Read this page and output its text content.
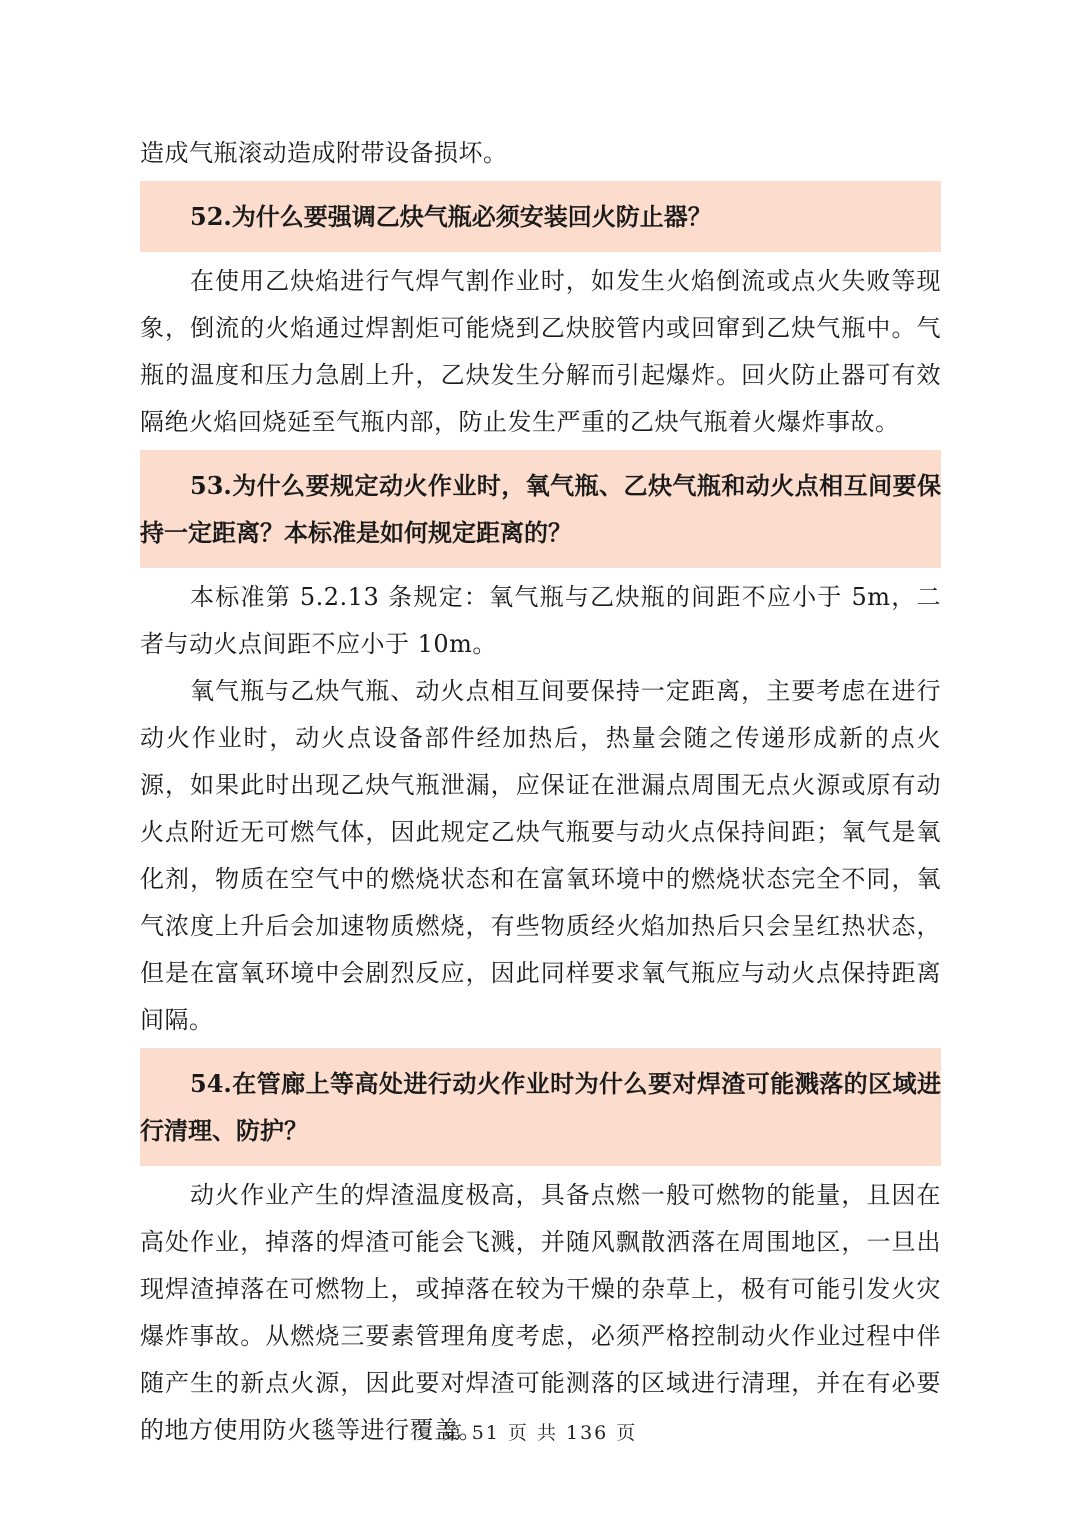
造成气瓶滚动造成附带设备损坏。

52.为什么要强调乙炔气瓶必须安装回火防止器？

在使用乙炔焰进行气焊气割作业时，如发生火焰倒流或点火失败等现象，倒流的火焰通过焊割炬可能烧到乙炔胶管内或回窜到乙炔气瓶中。气瓶的温度和压力急剧上升，乙炔发生分解而引起爆炸。回火防止器可有效隔绝火焰回烧延至气瓶内部，防止发生严重的乙炔气瓶着火爆炸事故。

53.为什么要规定动火作业时，氧气瓶、乙炔气瓶和动火点相互间要保持一定距离？本标准是如何规定距离的？

本标准第 5.2.13 条规定：氧气瓶与乙炔瓶的间距不应小于 5m，二者与动火点间距不应小于 10m。

氧气瓶与乙炔气瓶、动火点相互间要保持一定距离，主要考虑在进行动火作业时，动火点设备部件经加热后，热量会随之传递形成新的点火源，如果此时出现乙炔气瓶泄漏，应保证在泄漏点周围无点火源或原有动火点附近无可燃气体，因此规定乙炔气瓶要与动火点保持间距；氧气是氧化剂，物质在空气中的燃烧状态和在富氧环境中的燃烧状态完全不同，氧气浓度上升后会加速物质燃烧，有些物质经火焰加热后只会呈红热状态，但是在富氧环境中会剧烈反应，因此同样要求氧气瓶应与动火点保持距离间隔。

54.在管廊上等高处进行动火作业时为什么要对焊渣可能溅落的区域进行清理、防护？

动火作业产生的焊渣温度极高，具备点燃一般可燃物的能量，且因在高处作业，掉落的焊渣可能会飞溅，并随风飘散洒落在周围地区，一旦出现焊渣掉落在可燃物上，或掉落在较为干燥的杂草上，极有可能引发火灾爆炸事故。从燃烧三要素管理角度考虑，必须严格控制动火作业过程中伴随产生的新点火源，因此要对焊渣可能测落的区域进行清理，并在有必要的地方使用防火毯等进行覆盖。

第 51 页 共 136 页
